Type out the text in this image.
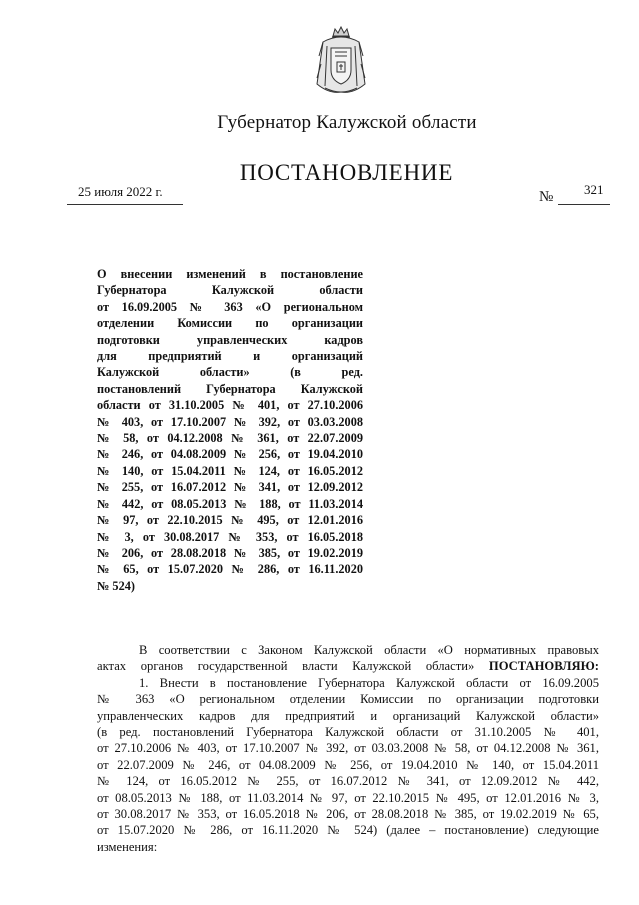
Губернатор Калужской области
ПОСТАНОВЛЕНИЕ
25 июля 2022 г.	№ 321
О внесении изменений в постановление
Губернатора Калужской области
от 16.09.2005 № 363 «О региональном
отделении Комиссии по организации
подготовки управленческих кадров
для предприятий и организаций
Калужской области» (в ред.
постановлений Губернатора Калужской
области от 31.10.2005 № 401, от 27.10.2006
№ 403, от 17.10.2007 № 392, от 03.03.2008
№ 58, от 04.12.2008 № 361, от 22.07.2009
№ 246, от 04.08.2009 № 256, от 19.04.2010
№ 140, от 15.04.2011 № 124, от 16.05.2012
№ 255, от 16.07.2012 № 341, от 12.09.2012
№ 442, от 08.05.2013 № 188, от 11.03.2014
№ 97, от 22.10.2015 № 495, от 12.01.2016
№ 3, от 30.08.2017 № 353, от 16.05.2018
№ 206, от 28.08.2018 № 385, от 19.02.2019
№ 65, от 15.07.2020 № 286, от 16.11.2020
№ 524)
В соответствии с Законом Калужской области «О нормативных правовых
актах органов государственной власти Калужской области» ПОСТАНОВЛЯЮ:
1. Внести в постановление Губернатора Калужской области от 16.09.2005
№ 363 «О региональном отделении Комиссии по организации подготовки
управленческих кадров для предприятий и организаций Калужской области»
(в ред. постановлений Губернатора Калужской области от 31.10.2005 № 401,
от 27.10.2006 № 403, от 17.10.2007 № 392, от 03.03.2008 № 58, от 04.12.2008 № 361,
от 22.07.2009 № 246, от 04.08.2009 № 256, от 19.04.2010 № 140, от 15.04.2011
№ 124, от 16.05.2012 № 255, от 16.07.2012 № 341, от 12.09.2012 № 442,
от 08.05.2013 № 188, от 11.03.2014 № 97, от 22.10.2015 № 495, от 12.01.2016 № 3,
от 30.08.2017 № 353, от 16.05.2018 № 206, от 28.08.2018 № 385, от 19.02.2019 № 65,
от 15.07.2020 № 286, от 16.11.2020 № 524) (далее – постановление) следующие
изменения:
